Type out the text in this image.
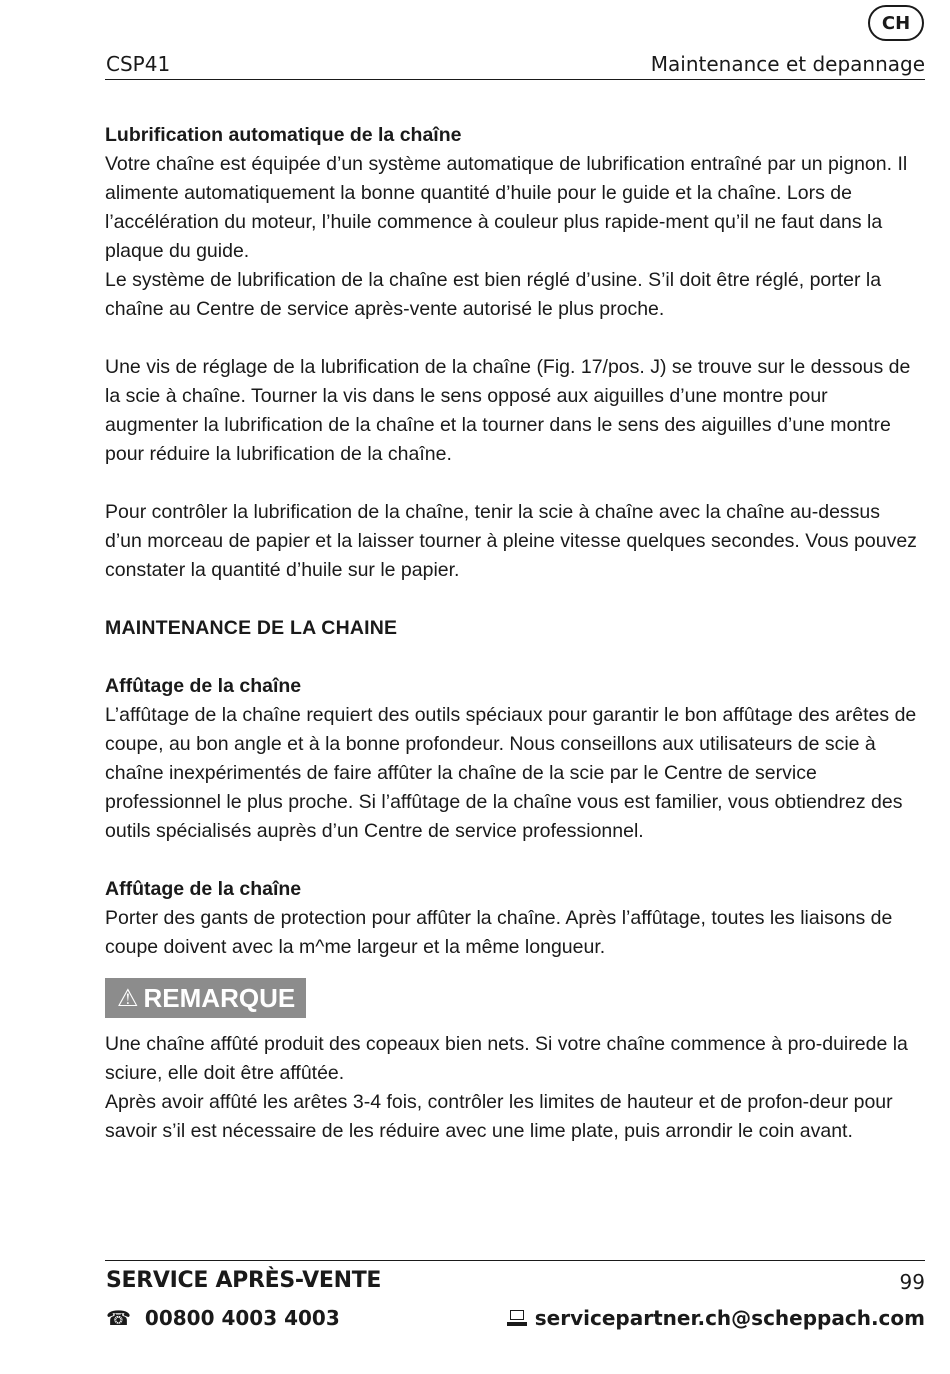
CH
CSP41	Maintenance et depannage
Lubrification automatique de la chaîne

Votre chaîne est équipée d’un système automatique de lubrification entraîné par un pignon. Il alimente automatiquement la bonne quantité d’huile pour le guide et la chaîne. Lors de l’accélération du moteur, l’huile commence à couleur plus rapide-ment qu’il ne faut dans la plaque du guide.

Le système de lubrification de la chaîne est bien réglé d’usine. S’il doit être réglé, porter la chaîne au Centre de service après-vente autorisé le plus proche.

Une vis de réglage de la lubrification de la chaîne (Fig. 17/pos. J) se trouve sur le dessous de la scie à chaîne. Tourner la vis dans le sens opposé aux aiguilles d’une montre pour augmenter la lubrification de la chaîne et la tourner dans le sens des aiguilles d’une montre pour réduire la lubrification de la chaîne.

Pour contrôler la lubrification de la chaîne, tenir la scie à chaîne avec la chaîne au-dessus d’un morceau de papier et la laisser tourner à pleine vitesse quelques secondes. Vous pouvez constater la quantité d’huile sur le papier.

MAINTENANCE DE LA CHAINE
Affûtage de la chaîne

L’affûtage de la chaîne requiert des outils spéciaux pour garantir le bon affûtage des arêtes de coupe, au bon angle et à la bonne profondeur. Nous conseillons aux utilisateurs de scie à chaîne inexpérimentés de faire affûter la chaîne de la scie par le Centre de service professionnel le plus proche. Si l’affûtage de la chaîne vous est familier, vous obtiendrez des outils spécialisés auprès d’un Centre de service professionnel.

Affûtage de la chaîne

Porter des gants de protection pour affûter la chaîne. Après l’affûtage, toutes les liaisons de coupe doivent avec la m^me largeur et la même longueur.

⚠ REMARQUE

Une chaîne affûté produit des copeaux bien nets. Si votre chaîne commence à pro-duirede la sciure, elle doit être affûtée.

Après avoir affûté les arêtes 3-4 fois, contrôler les limites de hauteur et de profon-deur pour savoir s’il est nécessaire de les réduire avec une lime plate, puis arrondir le coin avant.

SERVICE APRÈS-VENTE	99
☎ 00800 4003 4003	servicepartner.ch@scheppach.com
